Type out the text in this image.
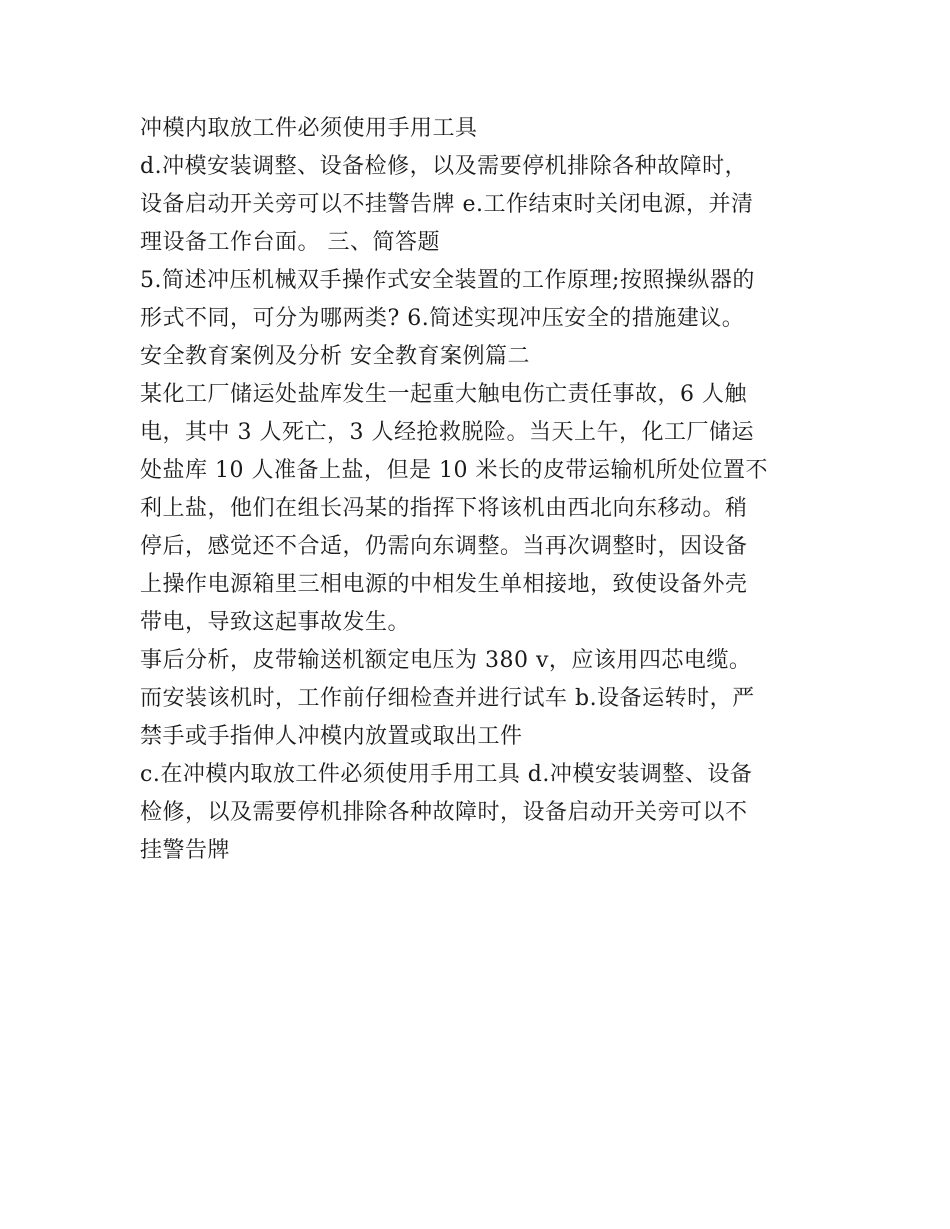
冲模内取放工件必须使用手用工具
d.冲模安装调整、设备检修，以及需要停机排除各种故障时，
设备启动开关旁可以不挂警告牌 e.工作结束时关闭电源，并清
理设备工作台面。 三、简答题
5.简述冲压机械双手操作式安全装置的工作原理;按照操纵器的
形式不同，可分为哪两类? 6.简述实现冲压安全的措施建议。
安全教育案例及分析 安全教育案例篇二
某化工厂储运处盐库发生一起重大触电伤亡责任事故，6 人触
电，其中 3 人死亡，3 人经抢救脱险。当天上午，化工厂储运
处盐库 10 人准备上盐，但是 10 米长的皮带运输机所处位置不
利上盐，他们在组长冯某的指挥下将该机由西北向东移动。稍
停后，感觉还不合适，仍需向东调整。当再次调整时，因设备
上操作电源箱里三相电源的中相发生单相接地，致使设备外壳
带电，导致这起事故发生。
事后分析，皮带输送机额定电压为 380 v，应该用四芯电缆。
而安装该机时，工作前仔细检查并进行试车 b.设备运转时，严
禁手或手指伸人冲模内放置或取出工件
c.在冲模内取放工件必须使用手用工具 d.冲模安装调整、设备
检修，以及需要停机排除各种故障时，设备启动开关旁可以不
挂警告牌
